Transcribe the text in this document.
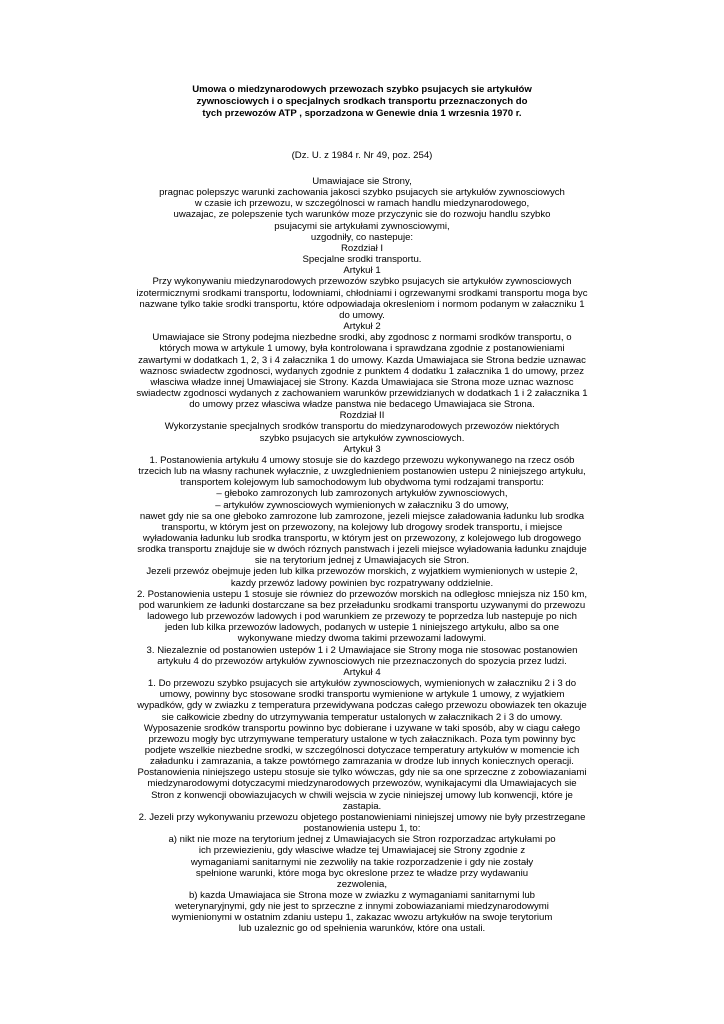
Umowa o miedzynarodowych przewozach szybko psujacych sie artykułów

zywnosciowych i o specjalnych srodkach transportu przeznaczonych do

tych przewozów ATP , sporzadzona w Genewie dnia 1 wrzesnia 1970 r.

(Dz. U. z 1984 r. Nr 49, poz. 254)

Umawiajace sie Strony,

pragnac polepszyc warunki zachowania jakosci szybko psujacych sie artykułów zywnosciowych

w czasie ich przewozu, w szczególnosci w ramach handlu miedzynarodowego,

uwazajac, ze polepszenie tych warunków moze przyczynic sie do rozwoju handlu szybko

psujacymi sie artykułami zywnosciowymi,

uzgodniły, co nastepuje:

Rozdział I

Specjalne srodki transportu.

Artykuł 1

Przy wykonywaniu miedzynarodowych przewozów szybko psujacych sie artykułów zywnosciowych

izotermicznymi srodkami transportu, lodowniami, chłodniami i ogrzewanymi srodkami transportu moga byc

nazwane tylko takie srodki transportu, które odpowiadaja okresleniom i normom podanym w załaczniku 1

do umowy.

Artykuł 2

Umawiajace sie Strony podejma niezbedne srodki, aby zgodnosc z normami srodków transportu, o

których mowa w artykule 1 umowy, była kontrolowana i sprawdzana zgodnie z postanowieniami

zawartymi w dodatkach 1, 2, 3 i 4 załacznika 1 do umowy. Kazda Umawiajaca sie Strona bedzie uznawac

waznosc swiadectw zgodnosci, wydanych zgodnie z punktem 4 dodatku 1 załacznika 1 do umowy, przez

własciwa władze innej Umawiajacej sie Strony. Kazda Umawiajaca sie Strona moze uznac waznosc

swiadectw zgodnosci wydanych z zachowaniem warunków przewidzianych w dodatkach 1 i 2 załacznika 1

do umowy przez własciwa władze panstwa nie bedacego Umawiajaca sie Strona.

Rozdział II

Wykorzystanie specjalnych srodków transportu do miedzynarodowych przewozów niektórych

szybko psujacych sie artykułów zywnosciowych.

Artykuł 3

1. Postanowienia artykułu 4 umowy stosuje sie do kazdego przewozu wykonywanego na rzecz osób

trzecich lub na własny rachunek wyłacznie, z uwzglednieniem postanowien ustepu 2 niniejszego artykułu,

transportem kolejowym lub samochodowym lub obydwoma tymi rodzajami transportu:

– głeboko zamrozonych lub zamrozonych artykułów zywnosciowych,

– artykułów zywnosciowych wymienionych w załaczniku 3 do umowy,

nawet gdy nie sa one głeboko zamrozone lub zamrozone, jezeli miejsce załadowania ładunku lub srodka

transportu, w którym jest on przewozony, na kolejowy lub drogowy srodek transportu, i miejsce

wyładowania ładunku lub srodka transportu, w którym jest on przewozony, z kolejowego lub drogowego

srodka transportu znajduje sie w dwóch róznych panstwach i jezeli miejsce wyładowania ładunku znajduje

sie na terytorium jednej z Umawiajacych sie Stron.

Jezeli przewóz obejmuje jeden lub kilka przewozów morskich, z wyjatkiem wymienionych w ustepie 2,

kazdy przewóz ladowy powinien byc rozpatrywany oddzielnie.

2. Postanowienia ustepu 1 stosuje sie równiez do przewozów morskich na odległosc mniejsza niz 150 km,

pod warunkiem ze ładunki dostarczane sa bez przeładunku srodkami transportu uzywanymi do przewozu

ladowego lub przewozów ladowych i pod warunkiem ze przewozy te poprzedza lub nastepuje po nich

jeden lub kilka przewozów ladowych, podanych w ustepie 1 niniejszego artykułu, albo sa one

wykonywane miedzy dwoma takimi przewozami ladowymi.

3. Niezaleznie od postanowien ustepów 1 i 2 Umawiajace sie Strony moga nie stosowac postanowien

artykułu 4 do przewozów artykułów zywnosciowych nie przeznaczonych do spozycia przez ludzi.

Artykuł 4

1. Do przewozu szybko psujacych sie artykułów zywnosciowych, wymienionych w załaczniku 2 i 3 do

umowy, powinny byc stosowane srodki transportu wymienione w artykule 1 umowy, z wyjatkiem

wypadków, gdy w zwiazku z temperatura przewidywana podczas całego przewozu obowiazek ten okazuje

sie całkowicie zbedny do utrzymywania temperatur ustalonych w załacznikach 2 i 3 do umowy.

Wyposazenie srodków transportu powinno byc dobierane i uzywane w taki sposób, aby w ciagu całego

przewozu mogły byc utrzymywane temperatury ustalone w tych załacznikach. Poza tym powinny byc

podjete wszelkie niezbedne srodki, w szczególnosci dotyczace temperatury artykułów w momencie ich

załadunku i zamrazania, a takze powtórnego zamrazania w drodze lub innych koniecznych operacji.

Postanowienia niniejszego ustepu stosuje sie tylko wówczas, gdy nie sa one sprzeczne z zobowiazaniami

miedzynarodowymi dotyczacymi miedzynarodowych przewozów, wynikajacymi dla Umawiajacych sie

Stron z konwencji obowiazujacych w chwili wejscia w zycie niniejszej umowy lub konwencji, które je

zastapia.

2. Jezeli przy wykonywaniu przewozu objetego postanowieniami niniejszej umowy nie były przestrzegane

postanowienia ustepu 1, to:

a) nikt nie moze na terytorium jednej z Umawiajacych sie Stron rozporzadzac artykułami po

ich przewiezieniu, gdy własciwe władze tej Umawiajacej sie Strony zgodnie z

wymaganiami sanitarnymi nie zezwoliły na takie rozporzadzenie i gdy nie zostały

spełnione warunki, które moga byc okreslone przez te władze przy wydawaniu

zezwolenia,

b) kazda Umawiajaca sie Strona moze w zwiazku z wymaganiami sanitarnymi lub

weterynaryjnymi, gdy nie jest to sprzeczne z innymi zobowiazaniami miedzynarodowymi

wymienionymi w ostatnim zdaniu ustepu 1, zakazac wwozu artykułów na swoje terytorium

lub uzaleznic go od spełnienia warunków, które ona ustali.
